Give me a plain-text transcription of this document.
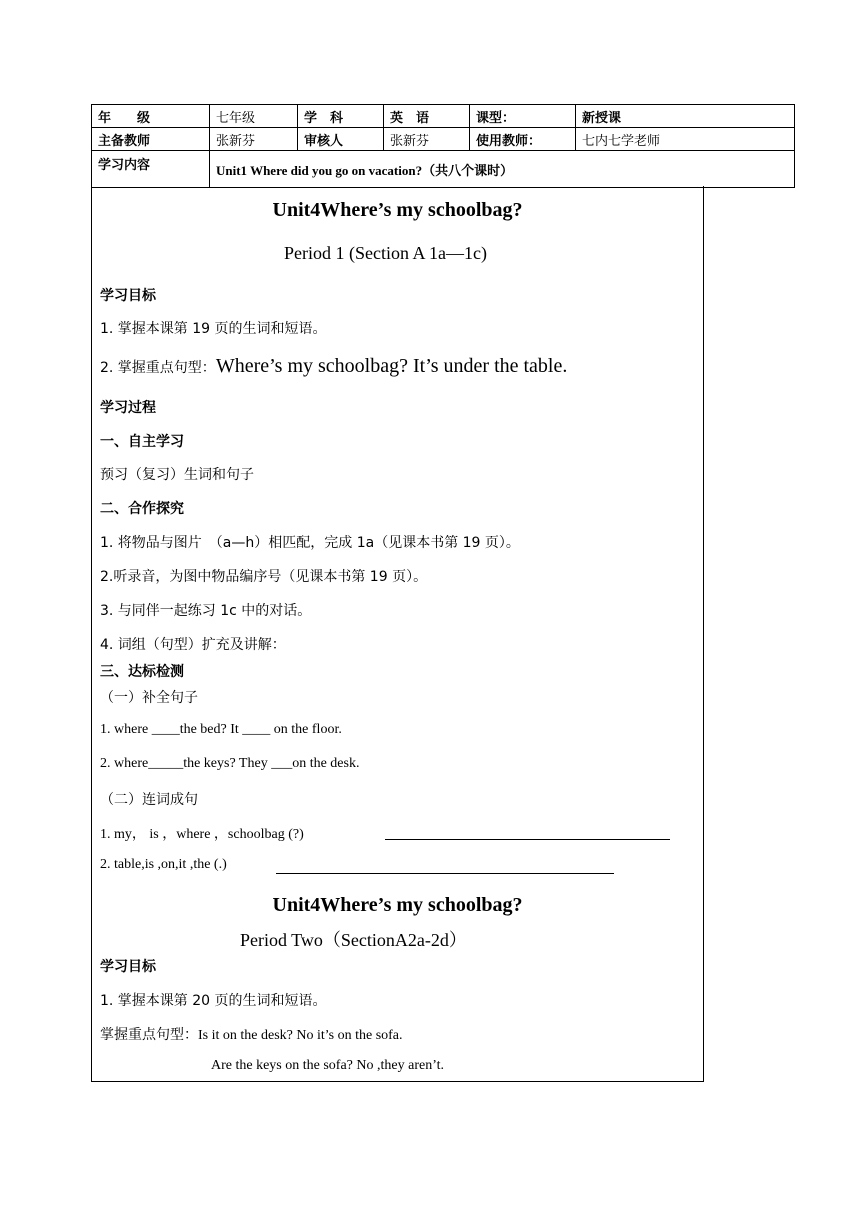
年　　级	七年级	学　科	英　语	课型：	新授课
主备教师	张新芬	审核人	张新芬	使用教师：	七内七学老师
学习内容	Unit1 Where did you go on vacation?（共八个课时）				
Unit4Where’s my schoolbag?
Period 1 (Section A 1a—1c)
学习目标
1. 掌握本课第 19 页的生词和短语。
2. 掌握重点句型：Where’s my schoolbag? It’s under the table.
学习过程
一、自主学习
预习（复习）生词和句子
二、合作探究
1. 将物品与图片　（a—h）相匹配，完成 1a（见课本书第 19 页）。
2.听录音，为图中物品编序号（见课本书第 19 页）。
3. 与同伴一起练习 1c 中的对话。
4. 词组（句型）扩充及讲解：
三、达标检测
（一）补全句子
1. where ____the bed? It ____ on the floor.
2. where_____the keys? They ___on the desk.
（二）连词成句
1. my， is ，where ，schoolbag (?)
2. table,is ,on,it ,the (.)
Unit4Where’s my schoolbag?
Period Two（SectionA2a-2d）
学习目标
1. 掌握本课第 20 页的生词和短语。
掌握重点句型：Is it on the desk? No it’s on the sofa.
Are the keys on the sofa? No ,they aren’t.
